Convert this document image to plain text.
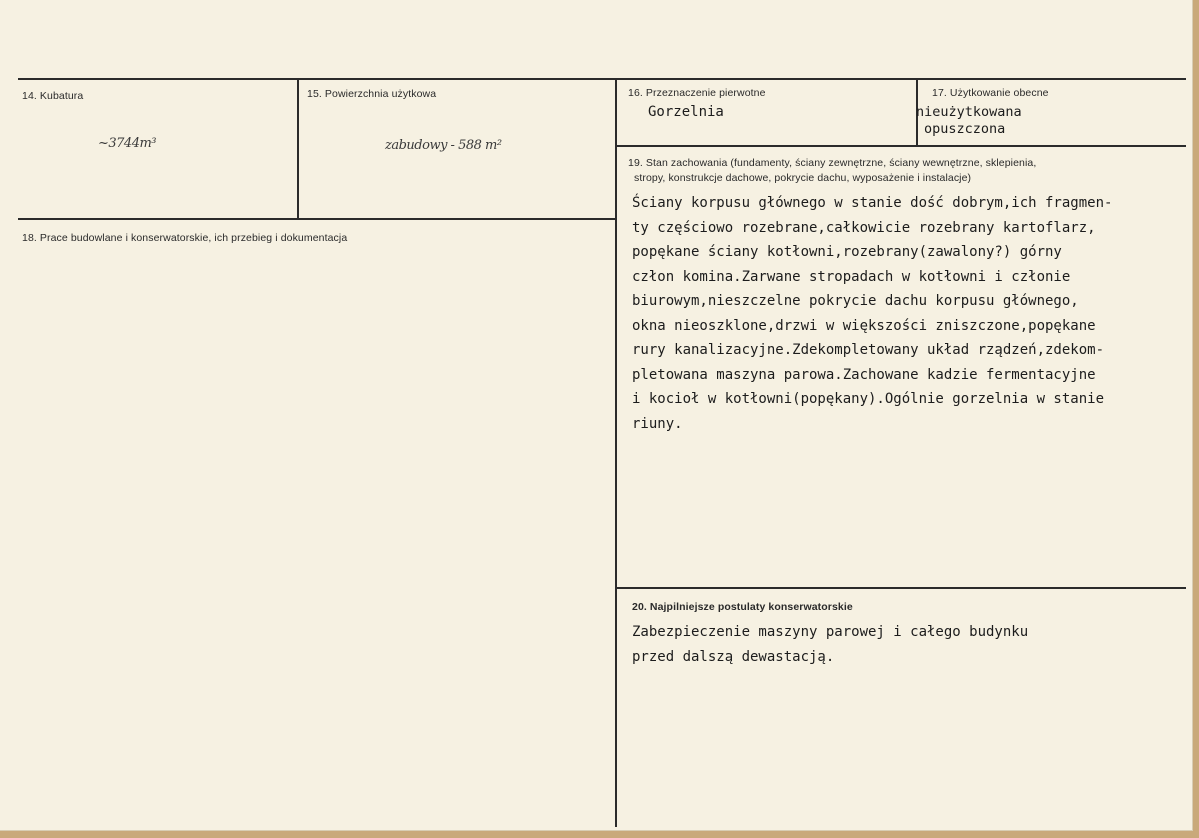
14. Kubatura
~3744m³
15. Powierzchnia użytkowa
zabudowy - 588 m²
16. Przeznaczenie pierwotne
Gorzelnia
17. Użytkowanie obecne
nieużytkowana
opuszczona
18. Prace budowlane i konserwatorskie, ich przebieg i dokumentacja
19. Stan zachowania (fundamenty, ściany zewnętrzne, ściany wewnętrzne, sklepienia,
stropy, konstrukcje dachowe, pokrycie dachu, wyposażenie i instalacje)
Ściany korpusu głównego w stanie dość dobrym,ich fragmen-
ty częściowo rozebrane,całkowicie rozebrany kartoflarz,
popękane ściany kotłowni,rozebrany(zawalony?) górny
człon komina.Zarwane stropadach w kotłowni i członie
biurowym,nieszczelne pokrycie dachu korpusu głównego,
okna nieoszklone,drzwi w większości zniszczone,popękane
rury kanalizacyjne.Zdekompletowany układ rządzeń,zdekom-
pletowana maszyna parowa.Zachowane kadzie fermentacyjne
i kocioł w kotłowni(popękany).Ogólnie gorzelnia w stanie
riuny.
20. Najpilniejsze postulaty konserwatorskie
Zabezpieczenie maszyny parowej i całego budynku
przed dalszą dewastacją.
